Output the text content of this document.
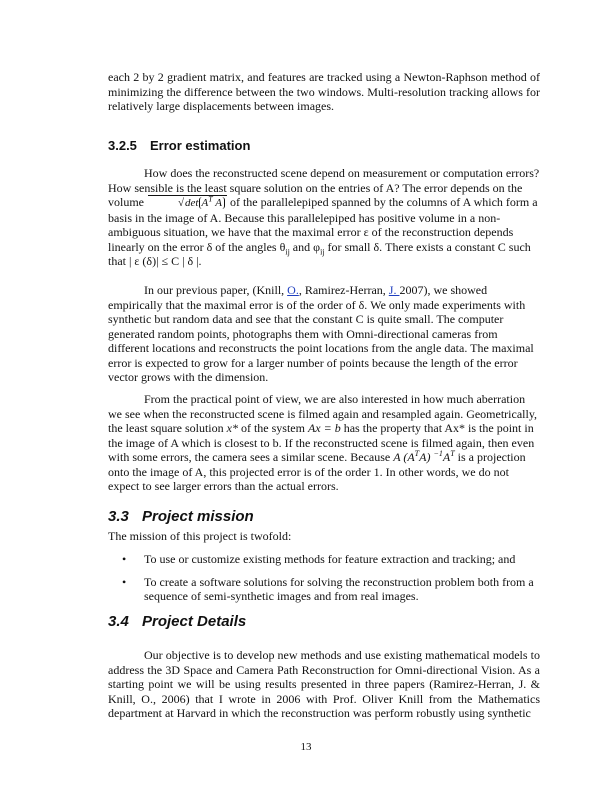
each 2 by 2 gradient matrix, and features are tracked using a Newton-Raphson method of minimizing the difference between the two windows. Multi-resolution tracking allows for relatively large displacements between images.

3.2.5 Error estimation

How does the reconstructed scene depend on measurement or computation errors? How sensible is the least square solution on the entries of A? The error depends on the volume	√ $\det A^T$ A of the parallelepiped spanned by the columns of A which form a basis in the image of A. Because this parallelepiped has positive volume in a non-ambiguous situation, we have that the maximal error ε of the reconstruction depends linearly on the error δ of the angles $\theta_{ij}$ and $\varphi_{ij}$ for small δ. There exists a constant C such that | ε (δ)| ≤ C | δ |.

In our previous paper, (Knill, O., Ramirez-Herran, J. 2007), we showed empirically that the maximal error is of the order of δ. We only made experiments with synthetic but random data and see that the constant C is quite small. The computer generated random points, photographs them with Omni-directional cameras from different locations and reconstructs the point locations from the angle data. The maximal error is expected to grow for a larger number of points because the length of the error vector grows with the dimension.

From the practical point of view, we are also interested in how much aberration we see when the reconstructed scene is filmed again and resampled again. Geometrically, the least square solution x* of the system Ax = b has the property that Ax* is the point in the image of A which is closest to b. If the reconstructed scene is filmed again, then even with some errors, the camera sees a similar scene. Because A $(A^TA)$ $^{-1}A^T$ is a projection onto the image of A, this projected error is of the order 1. In other words, we do not expect to see larger errors than the actual errors.

3.3 Project mission

The mission of this project is twofold:

• To use or customize existing methods for feature extraction and tracking; and
• To create a software solutions for solving the reconstruction problem both from a sequence of semi-synthetic images and from real images.
3.4 Project Details

Our objective is to develop new methods and use existing mathematical models to address the 3D Space and Camera Path Reconstruction for Omni-directional Vision. As a starting point we will be using results presented in three papers (Ramirez-Herran, J. & Knill, O., 2006) that I wrote in 2006 with Prof. Oliver Knill from the Mathematics department at Harvard in which the reconstruction was perform robustly using synthetic

13
